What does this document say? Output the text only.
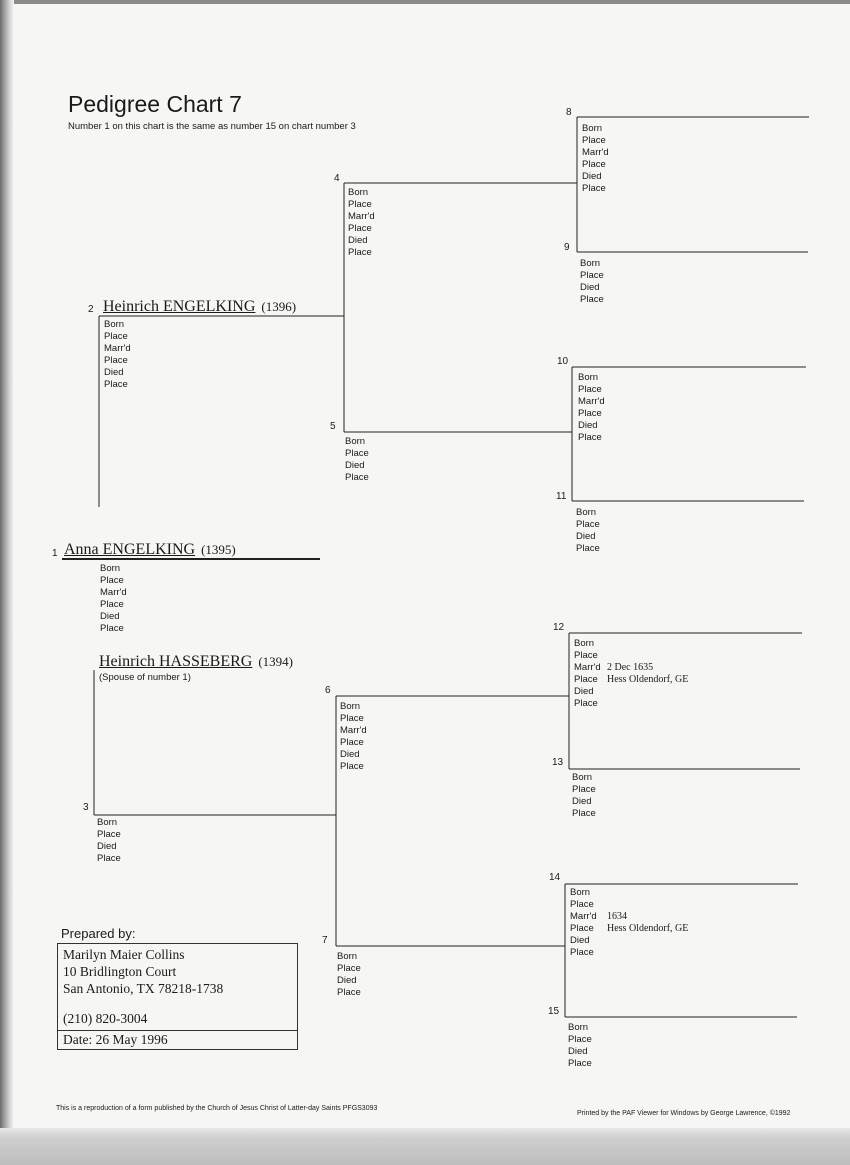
Pedigree Chart 7
Number 1 on this chart is the same as number 15 on chart number 3
1
2
3
4
5
6
7
8
9
10
11
12
13
14
15
Heinrich ENGELKING (1396)
Anna ENGELKING (1395)
Heinrich HASSEBERG (1394)
(Spouse of number 1)
Born
Place
Marr'd
Place
Died
Place
Born
Place
Marr'd
Place
Died
Place
Born
Place
Died
Place
Born
Place
Marr'd
Place
Died
Place
Born
Place
Died
Place
Born
Place
Marr'd
Place
Died
Place
Born
Place
Died
Place
Born
Place
Marr'd
Place
Died
Place
Born
Place
Died
Place
Born
Place
Marr'd
Place
Died
Place
Born
Place
Died
Place
Born
Place
Marr'd
Place
Died
Place
2 Dec 1635
Hess Oldendorf, GE
Born
Place
Died
Place
Born
Place
Marr'd
Place
Died
Place
1634
Hess Oldendorf, GE
Born
Place
Died
Place
Prepared by:
Marilyn Maier Collins
10 Bridlington Court
San Antonio, TX 78218-1738
(210) 820-3004
Date: 26 May 1996
This is a reproduction of a form published by the Church of Jesus Christ of Latter-day Saints PFGS3093
Printed by the PAF Viewer for Windows by George Lawrence, ©1992
